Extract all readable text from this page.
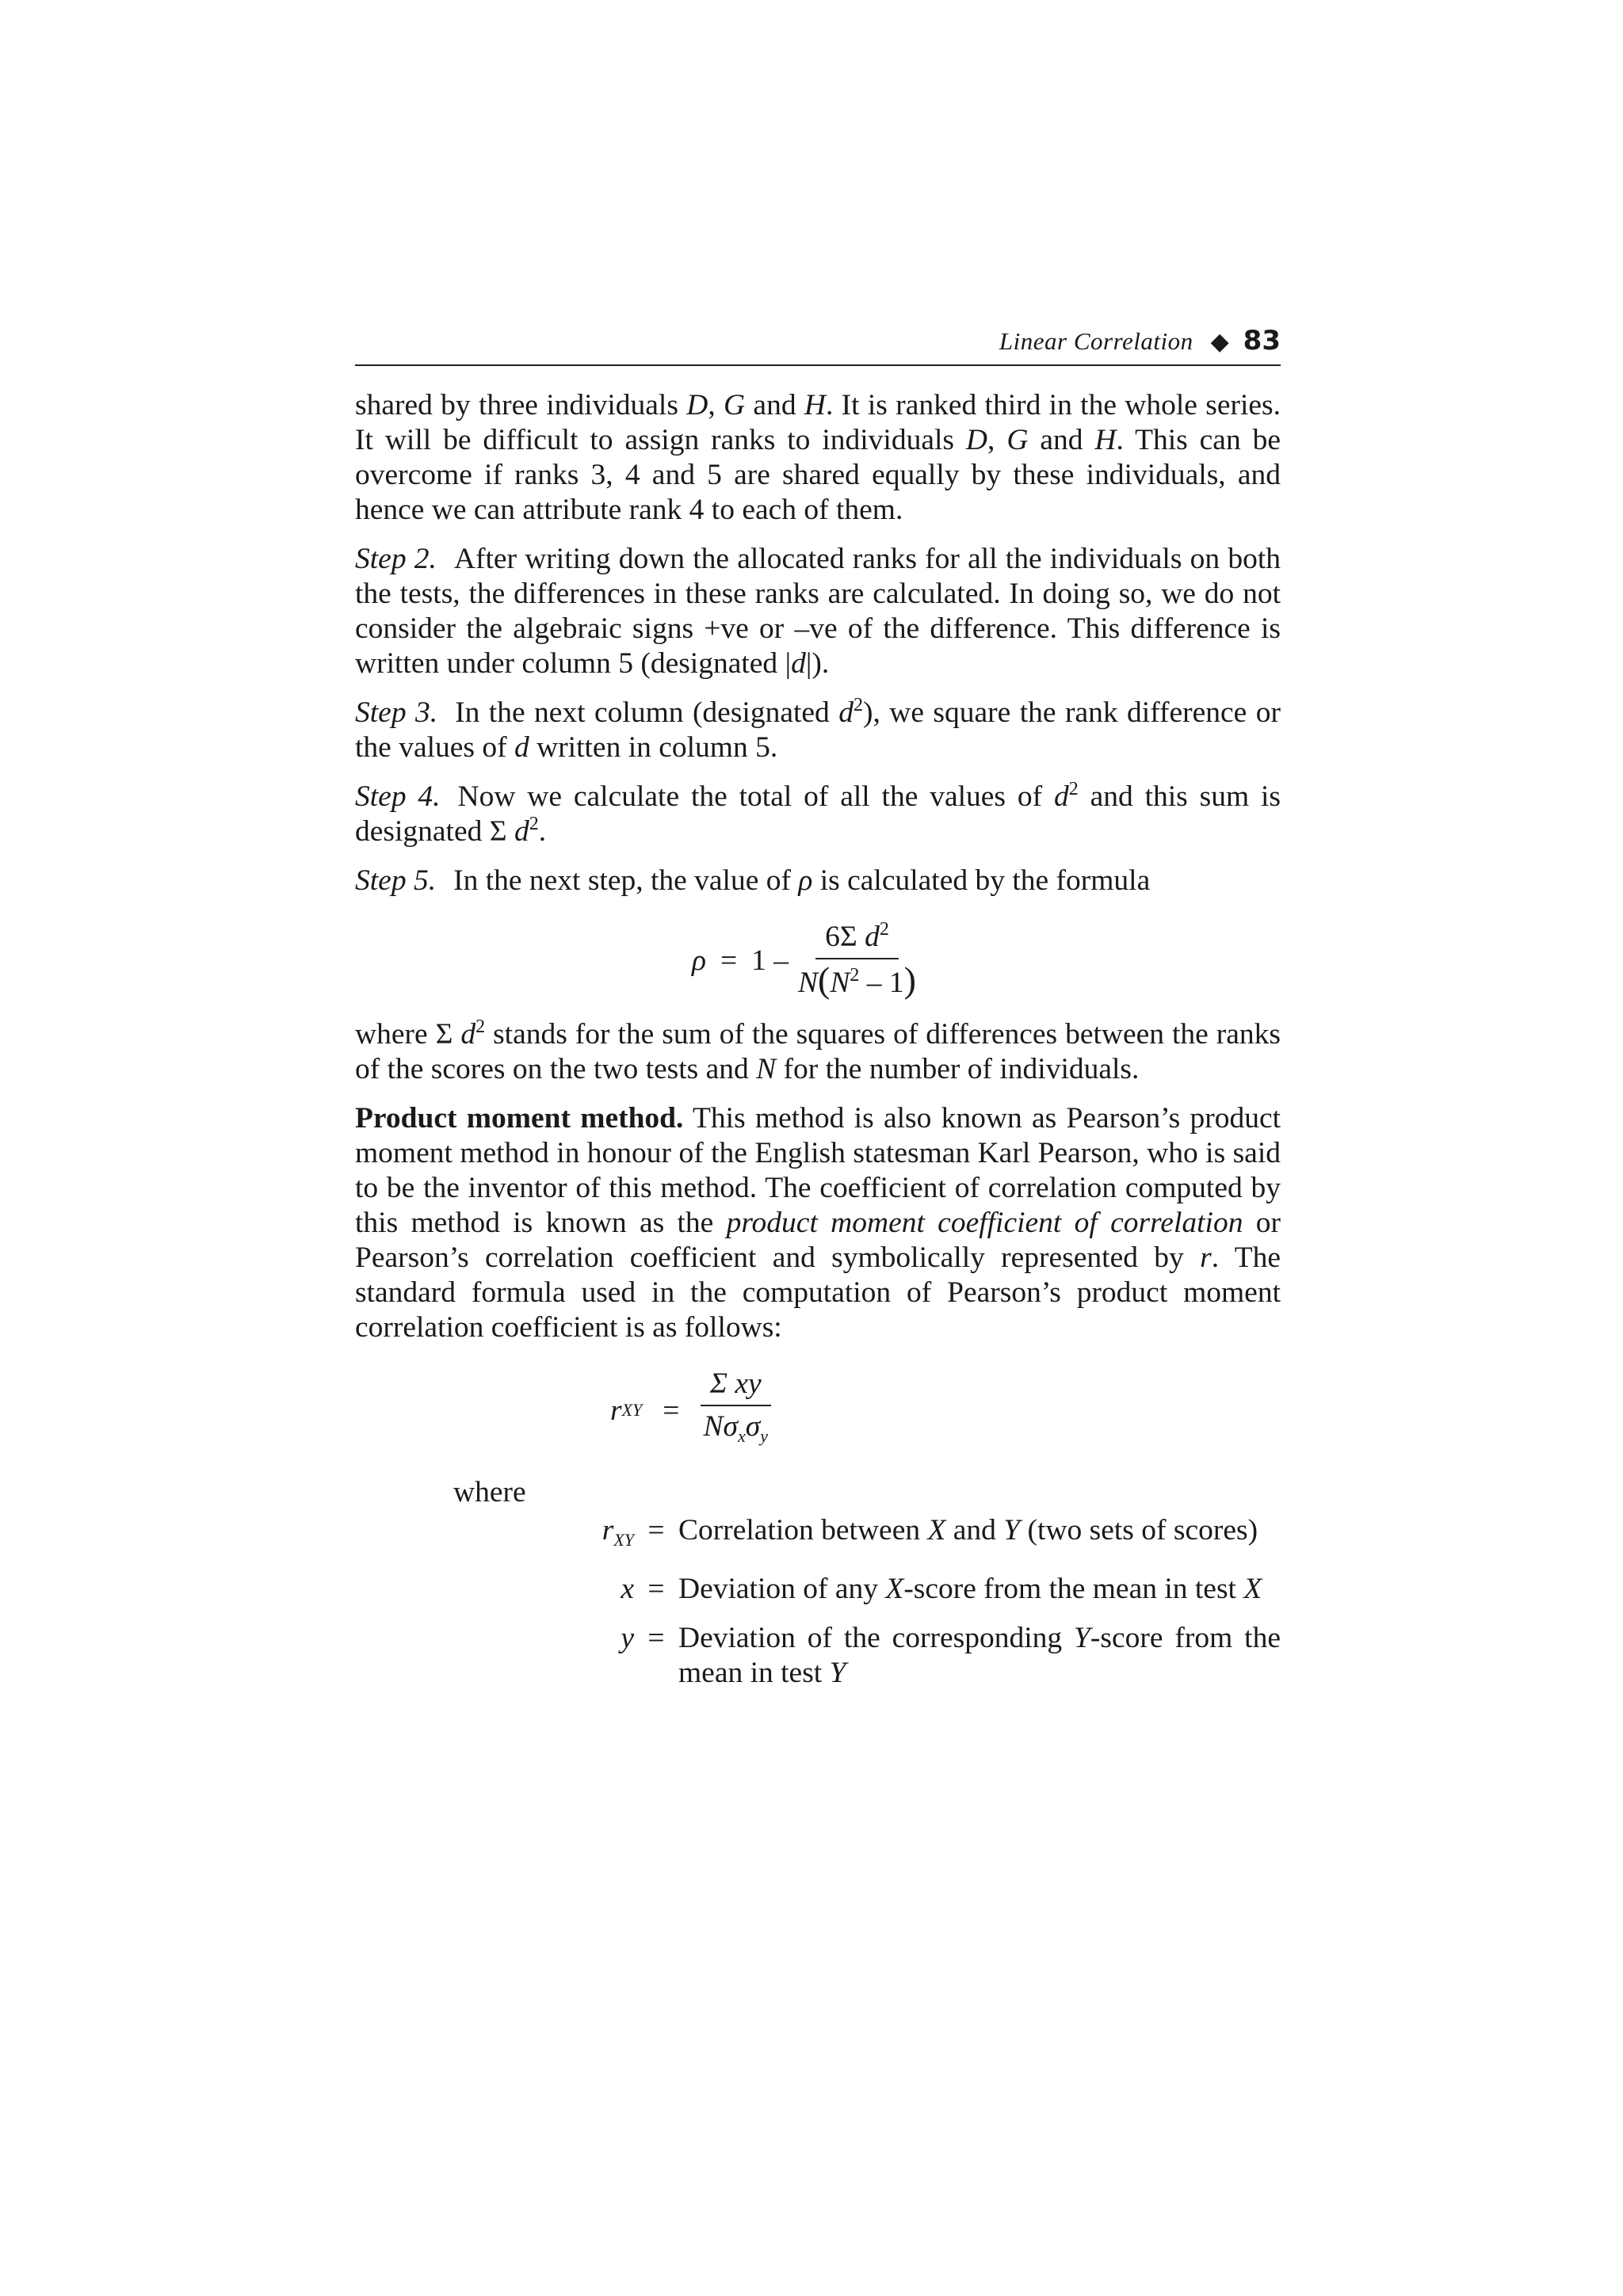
Linear Correlation ◆ 83

shared by three individuals D, G and H. It is ranked third in the whole series. It will be difficult to assign ranks to individuals D, G and H. This can be overcome if ranks 3, 4 and 5 are shared equally by these individuals, and hence we can attribute rank 4 to each of them.

Step 2. After writing down the allocated ranks for all the individuals on both the tests, the differences in these ranks are calculated. In doing so, we do not consider the algebraic signs +ve or –ve of the difference. This difference is written under column 5 (designated |d|).

Step 3. In the next column (designated $d^2$), we square the rank difference or the values of d written in column 5.

Step 4. Now we calculate the total of all the values of $d^2$ and this sum is designated Σ $d^2$.

Step 5. In the next step, the value of ρ is calculated by the formula

$\rho = 1 - \frac{6\Sigma d^2}{N(N^2 - 1)}$

where Σ $d^2$ stands for the sum of the squares of differences between the ranks of the scores on the two tests and N for the number of individuals.

Product moment method. This method is also known as Pearson’s product moment method in honour of the English statesman Karl Pearson, who is said to be the inventor of this method. The coefficient of correlation computed by this method is known as the product moment coefficient of correlation or Pearson’s correlation coefficient and symbolically represented by r. The standard formula used in the computation of Pearson’s product moment correlation coefficient is as follows:

r XY = $\frac{\text{Σ xy}}{N\sigma_x\sigma_y}$
where
$r_{XY}$ = Correlation between X and Y (two sets of scores)
x = Deviation of any X-score from the mean in test X
y = Deviation of the corresponding Y-score from the mean in test Y
